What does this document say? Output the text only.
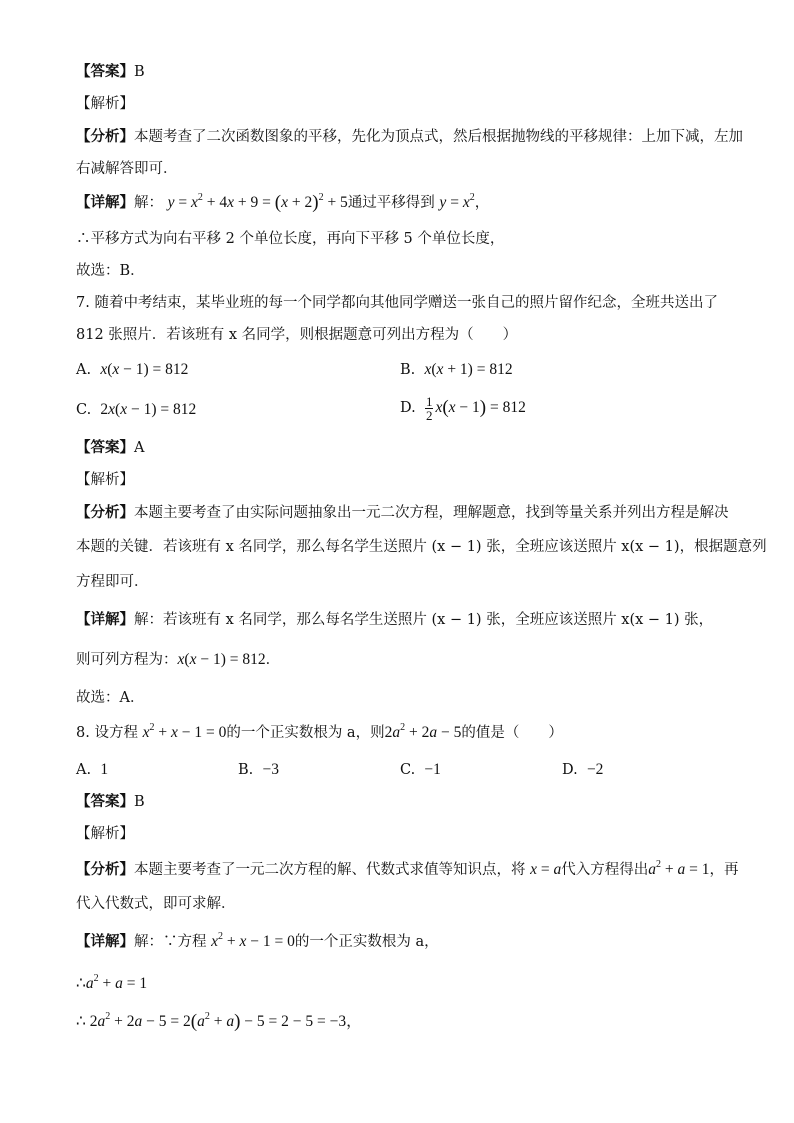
【答案】B
【解析】
【分析】本题考查了二次函数图象的平移，先化为顶点式，然后根据抛物线的平移规律：上加下减，左加
右减解答即可．
【详解】解： $y = x^2 + 4x + 9 = (x + 2)^2 + 5$通过平移得到 $y = x^2$，
∴平移方式为向右平移 2 个单位长度，再向下平移 5 个单位长度，
故选：B．
7. 随着中考结束，某毕业班的每一个同学都向其他同学赠送一张自己的照片留作纪念，全班共送出了
812 张照片．若该班有 x 名同学，则根据题意可列出方程为（　　）
A. x(x − 1) = 812	B. x(x + 1) = 812
C. 2x(x − 1) = 812	D. $\frac{1}{2} x(x - 1) = 812$
【答案】A
【解析】
【分析】本题主要考查了由实际问题抽象出一元二次方程，理解题意，找到等量关系并列出方程是解决
本题的关键．若该班有 x 名同学，那么每名学生送照片 (x − 1) 张，全班应该送照片 x(x − 1)，根据题意列
方程即可．
【详解】解：若该班有 x 名同学，那么每名学生送照片 (x − 1) 张，全班应该送照片 x(x − 1) 张，
则可列方程为：x(x − 1) = 812．
故选：A．
8. 设方程 $x^2 + x - 1 = 0$的一个正实数根为 a，则$2a^2 + 2a - 5$的值是（　　）
A. 1	B. −3	C. −1	D. −2
【答案】B
【解析】
【分析】本题主要考查了一元二次方程的解、代数式求值等知识点，将 x = a代入方程得出$a^2 + a = 1$，再
代入代数式，即可求解．
【详解】解：∵方程 $x^2 + x - 1 = 0$的一个正实数根为 a，
$\therefore a^2 + a = 1$
∴ $2a^2 + 2a - 5 = 2(a^2 + a) - 5 = 2 - 5 = -3$，
